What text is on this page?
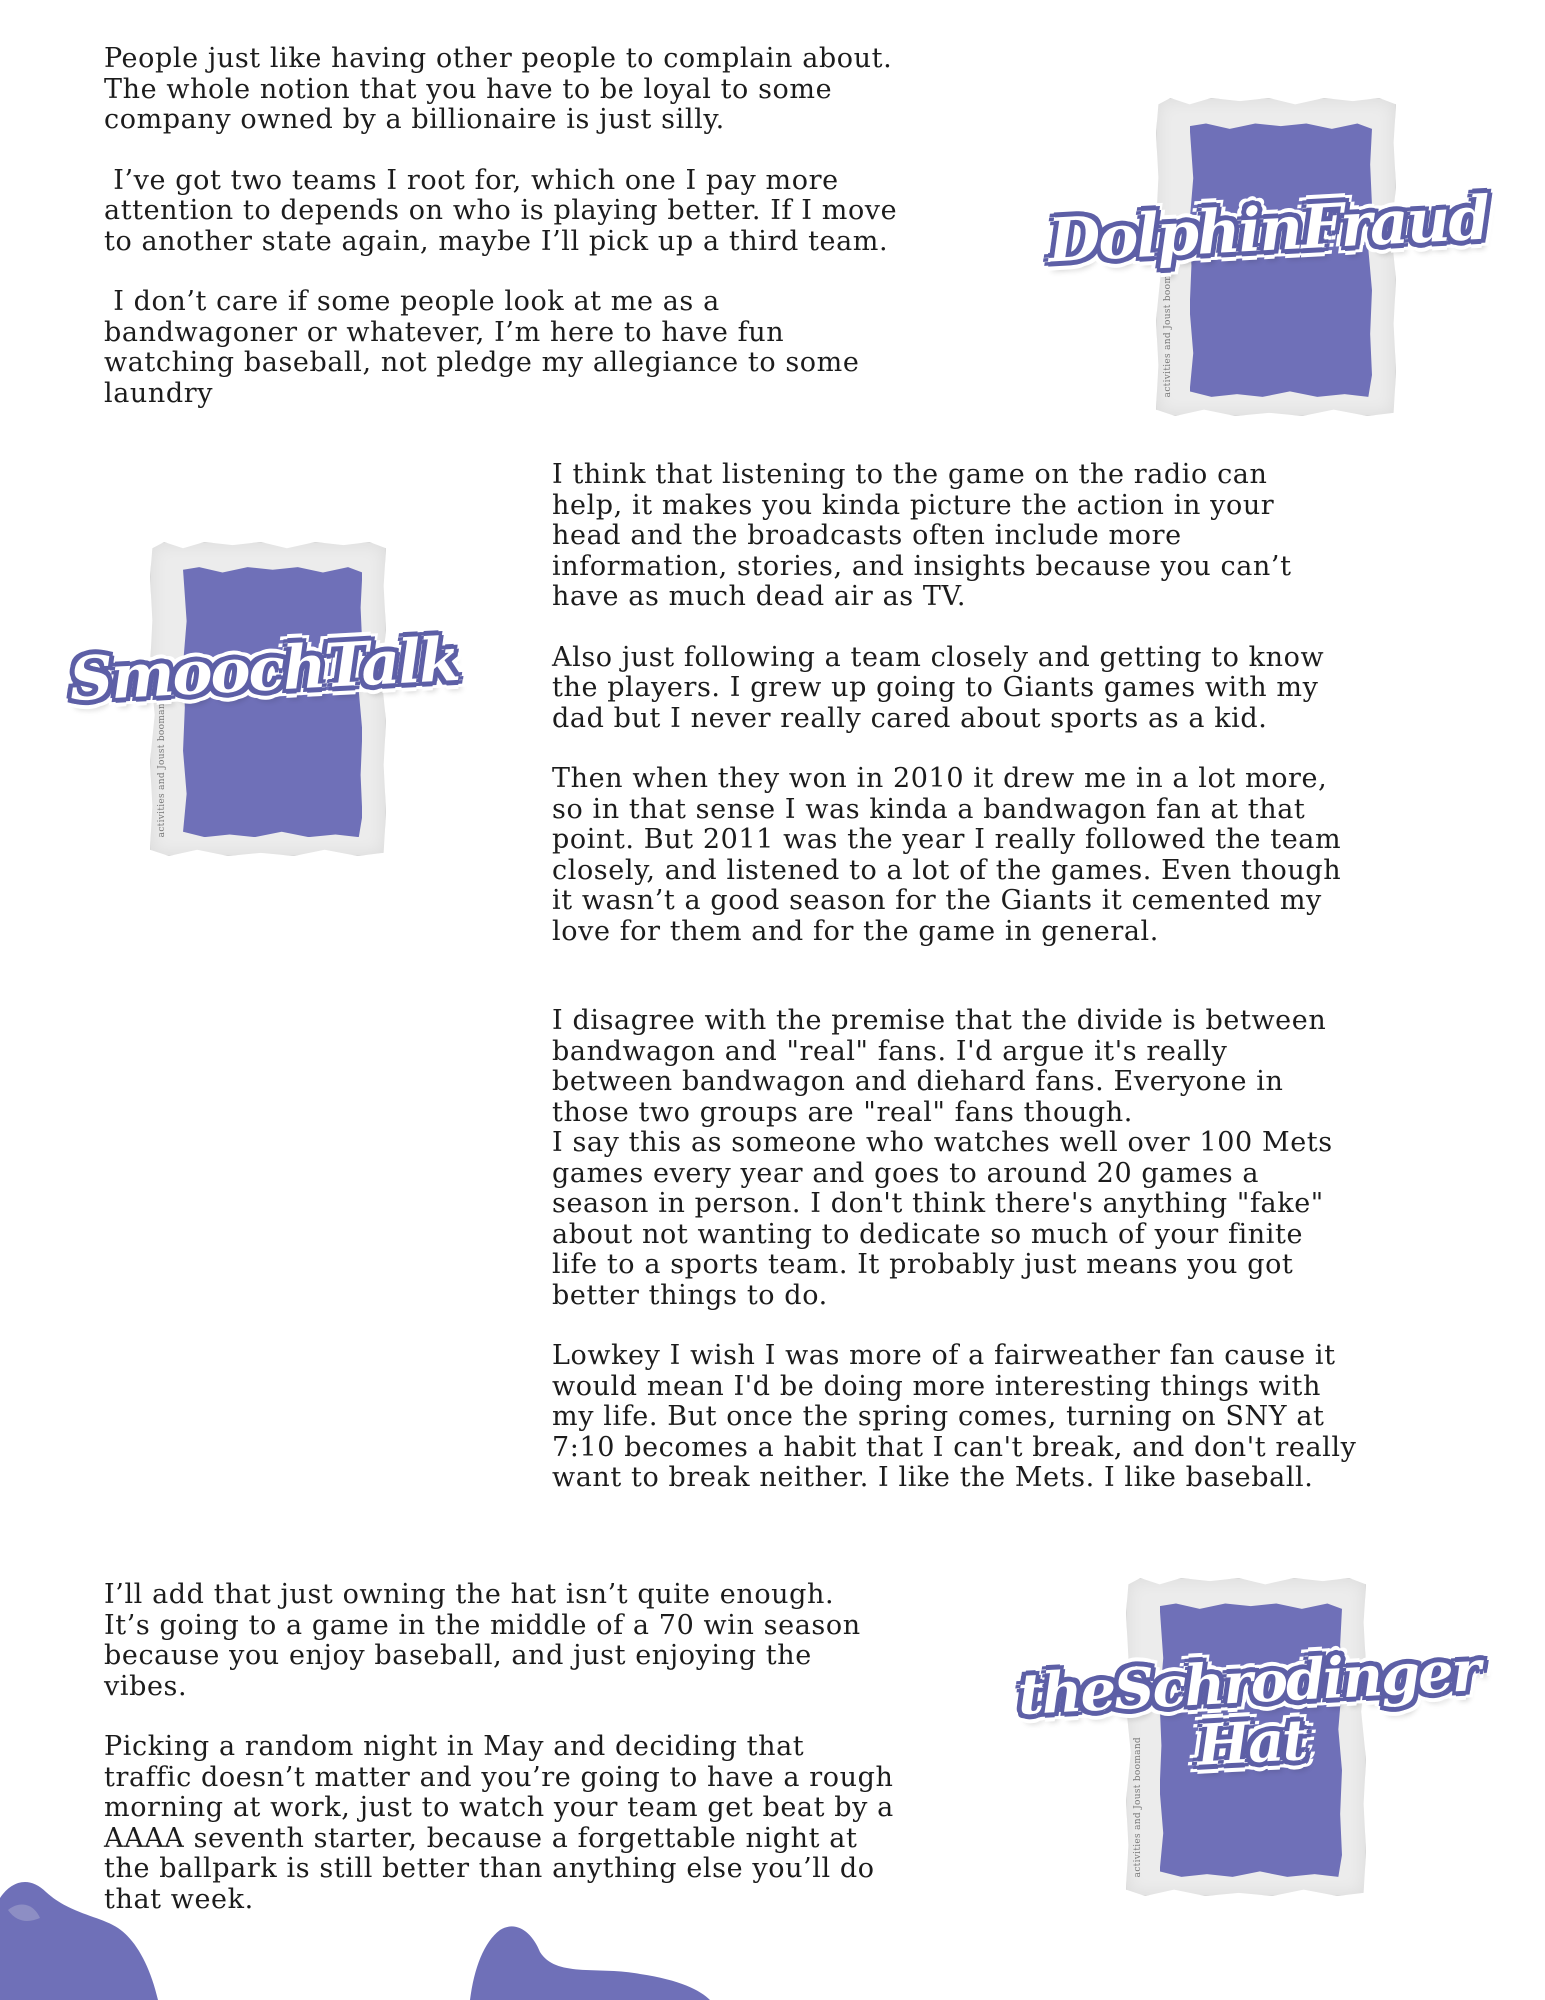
People just like having other people to complain about.
The whole notion that you have to be loyal to some
company owned by a billionaire is just silly.

I’ve got two teams I root for, which one I pay more
attention to depends on who is playing better. If I move
to another state again, maybe I’ll pick up a third team.

I don’t care if some people look at me as a
bandwagoner or whatever, I’m here to have fun
watching baseball, not pledge my allegiance to some
laundry	activities and Joust boomand
DolphinFraud
activities and Joust boomand
SmoochTalk

I think that listening to the game on the radio can
help, it makes you kinda picture the action in your
head and the broadcasts often include more
information, stories, and insights because you can’t
have as much dead air as TV.

Also just following a team closely and getting to know
the players. I grew up going to Giants games with my
dad but I never really cared about sports as a kid.

Then when they won in 2010 it drew me in a lot more,
so in that sense I was kinda a bandwagon fan at that
point. But 2011 was the year I really followed the team
closely, and listened to a lot of the games. Even though
it wasn’t a good season for the Giants it cemented my
love for them and for the game in general.

I disagree with the premise that the divide is between
bandwagon and "real" fans. I'd argue it's really
between bandwagon and diehard fans. Everyone in
those two groups are "real" fans though.

I say this as someone who watches well over 100 Mets
games every year and goes to around 20 games a
season in person. I don't think there's anything "fake"
about not wanting to dedicate so much of your finite
life to a sports team. It probably just means you got
better things to do.

Lowkey I wish I was more of a fairweather fan cause it
would mean I'd be doing more interesting things with
my life. But once the spring comes, turning on SNY at
7:10 becomes a habit that I can't break, and don't really
want to break neither. I like the Mets. I like baseball.

I’ll add that just owning the hat isn’t quite enough.
It’s going to a game in the middle of a 70 win season
because you enjoy baseball, and just enjoying the
vibes.

Picking a random night in May and deciding that
traffic doesn’t matter and you’re going to have a rough
morning at work, just to watch your team get beat by a
AAAA seventh starter, because a forgettable night at
the ballpark is still better than anything else you’ll do
that week.

activities and Joust boomand
theSchrodinger
Hat
